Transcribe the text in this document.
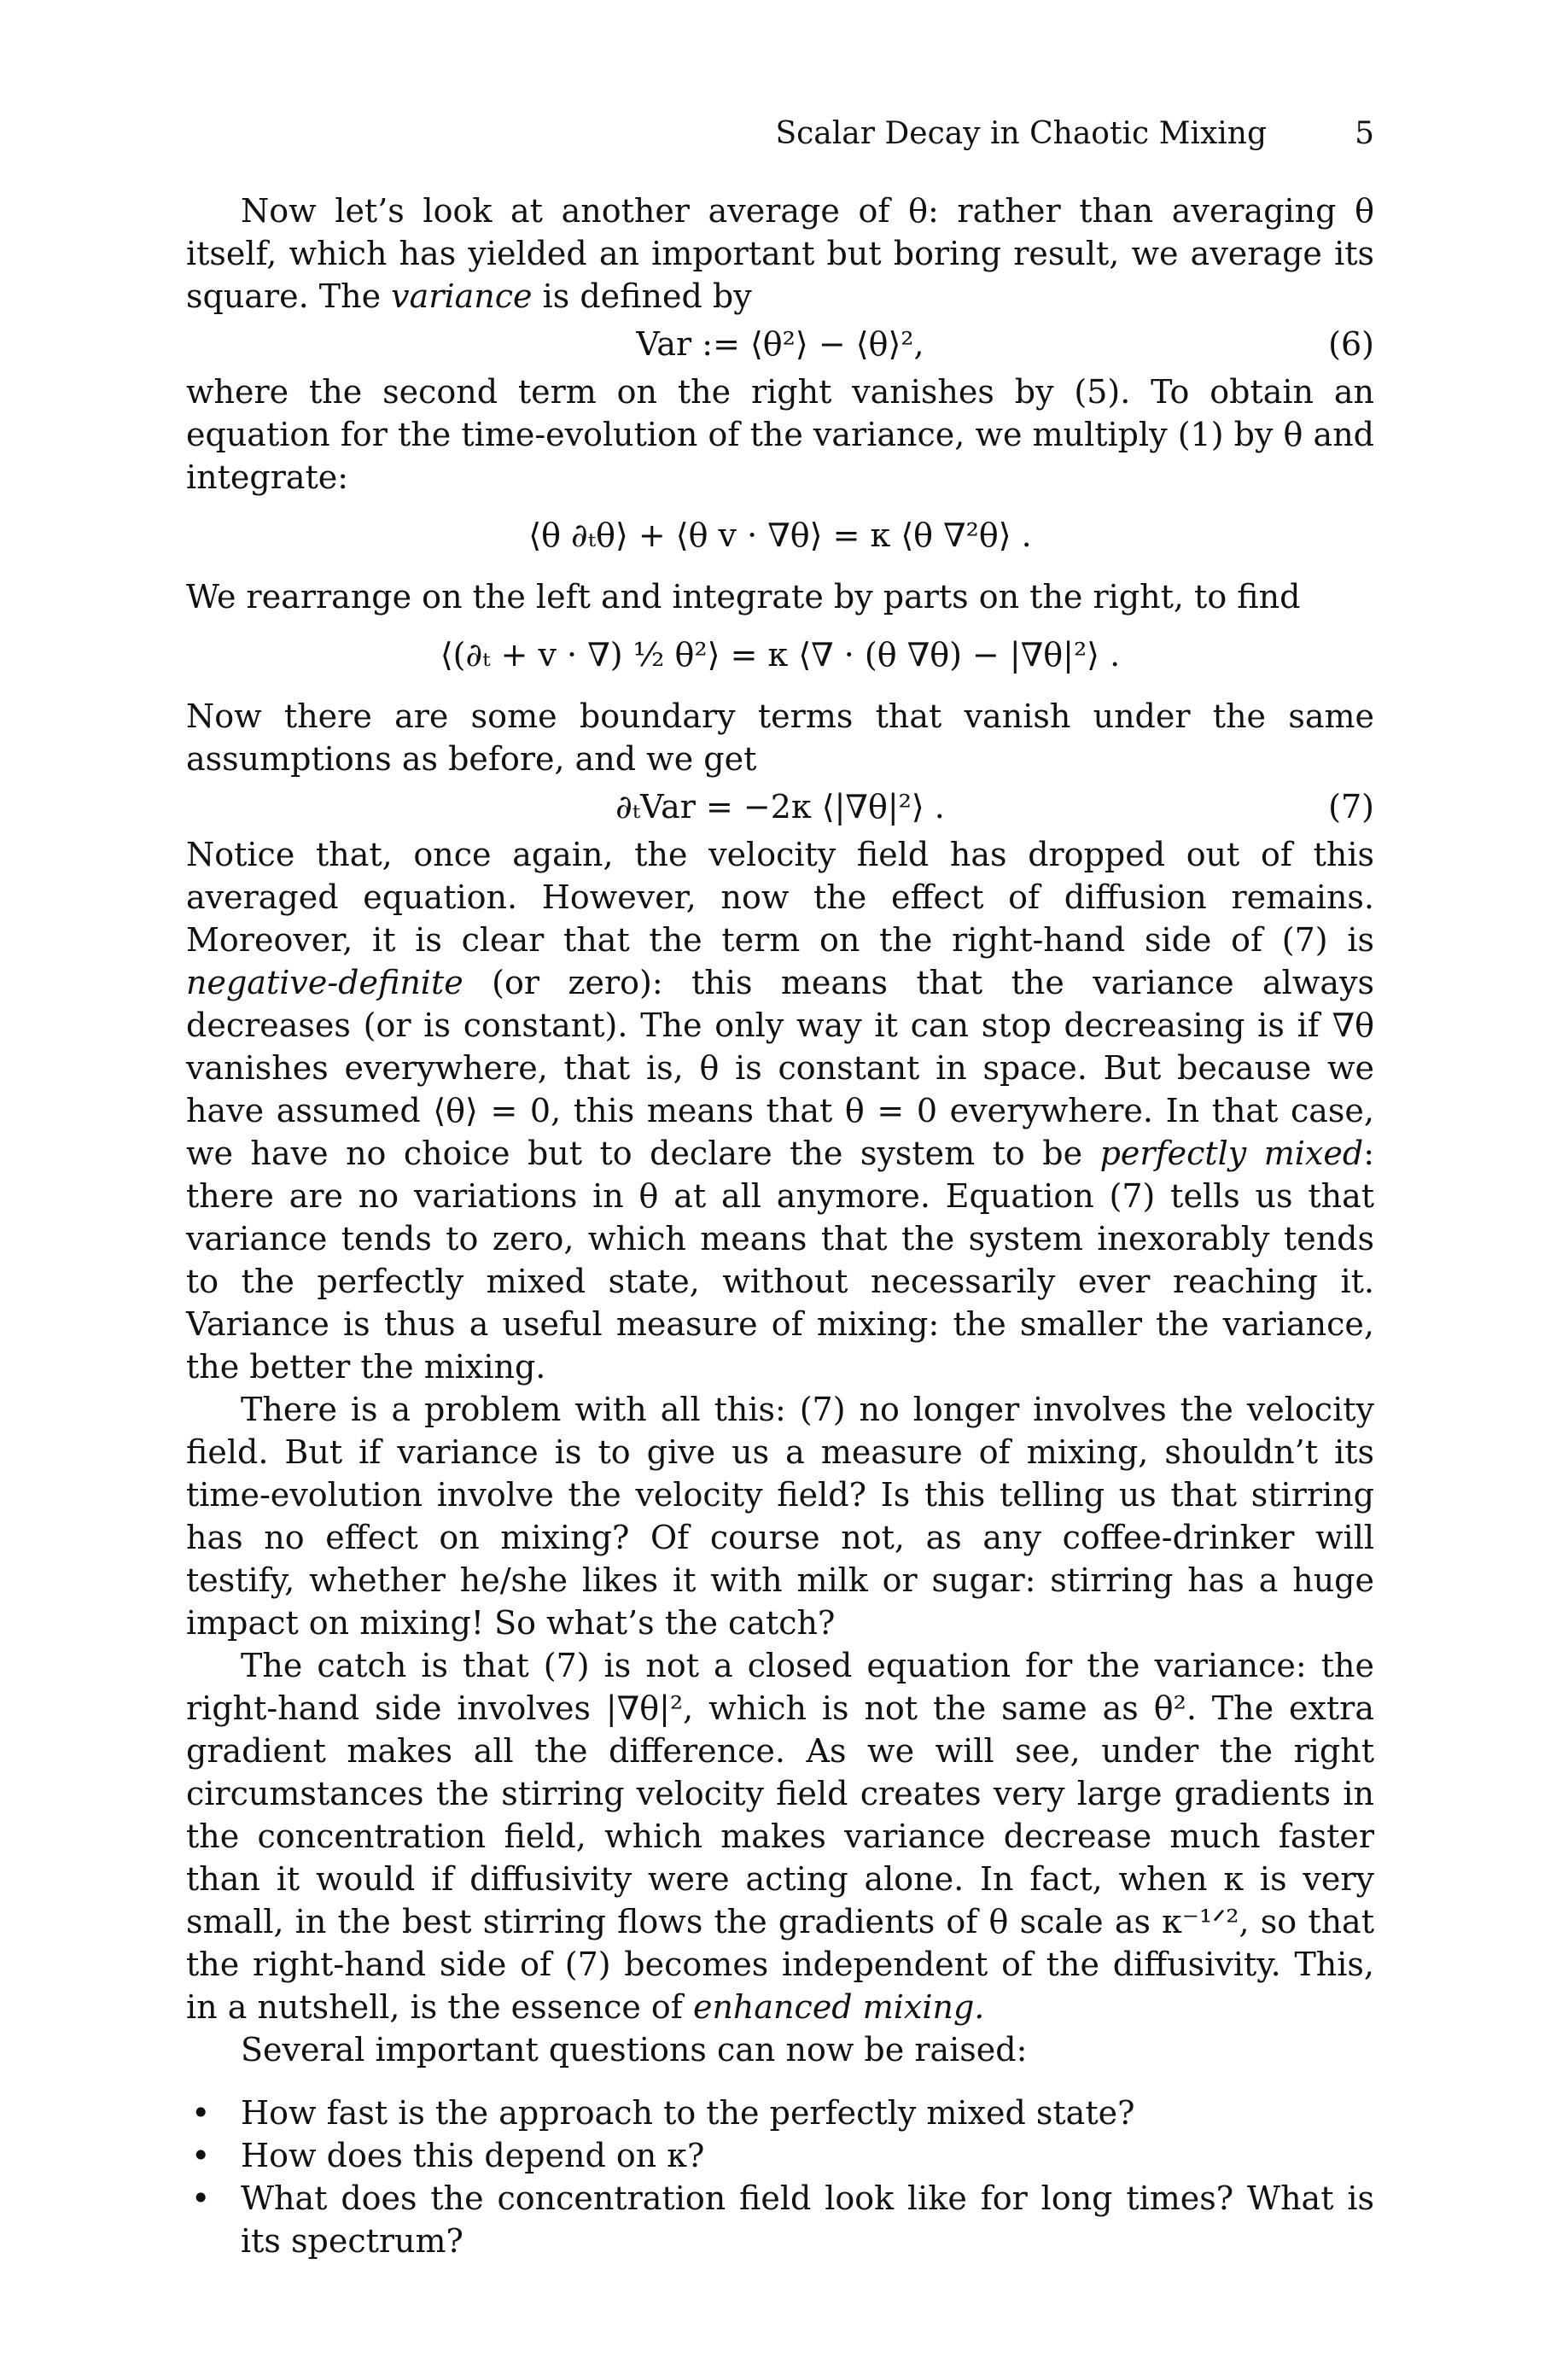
Scalar Decay in Chaotic Mixing	5

Now let’s look at another average of θ: rather than averaging θ itself, which has yielded an important but boring result, we average its square. The variance is defined by

Var := ⟨θ²⟩ − ⟨θ⟩²,	(6)

where the second term on the right vanishes by (5). To obtain an equation for the time-evolution of the variance, we multiply (1) by θ and integrate:

⟨θ ∂ₜθ⟩ + ⟨θ v · ∇θ⟩ = κ ⟨θ ∇²θ⟩ .

We rearrange on the left and integrate by parts on the right, to find

⟨(∂ₜ + v · ∇) ½ θ²⟩ = κ ⟨∇ · (θ ∇θ) − |∇θ|²⟩ .

Now there are some boundary terms that vanish under the same assumptions as before, and we get

∂ₜVar = −2κ ⟨|∇θ|²⟩ .	(7)

Notice that, once again, the velocity field has dropped out of this averaged equation. However, now the effect of diffusion remains. Moreover, it is clear that the term on the right-hand side of (7) is negative-definite (or zero): this means that the variance always decreases (or is constant). The only way it can stop decreasing is if ∇θ vanishes everywhere, that is, θ is constant in space. But because we have assumed ⟨θ⟩ = 0, this means that θ = 0 everywhere. In that case, we have no choice but to declare the system to be perfectly mixed: there are no variations in θ at all anymore. Equation (7) tells us that variance tends to zero, which means that the system inexorably tends to the perfectly mixed state, without necessarily ever reaching it. Variance is thus a useful measure of mixing: the smaller the variance, the better the mixing.

There is a problem with all this: (7) no longer involves the velocity field. But if variance is to give us a measure of mixing, shouldn’t its time-evolution involve the velocity field? Is this telling us that stirring has no effect on mixing? Of course not, as any coffee-drinker will testify, whether he/she likes it with milk or sugar: stirring has a huge impact on mixing! So what’s the catch?

The catch is that (7) is not a closed equation for the variance: the right-hand side involves |∇θ|², which is not the same as θ². The extra gradient makes all the difference. As we will see, under the right circumstances the stirring velocity field creates very large gradients in the concentration field, which makes variance decrease much faster than it would if diffusivity were acting alone. In fact, when κ is very small, in the best stirring flows the gradients of θ scale as κ⁻¹ᐟ², so that the right-hand side of (7) becomes independent of the diffusivity. This, in a nutshell, is the essence of enhanced mixing.

Several important questions can now be raised:

• How fast is the approach to the perfectly mixed state?
• How does this depend on κ?
• What does the concentration field look like for long times? What is its spectrum?
